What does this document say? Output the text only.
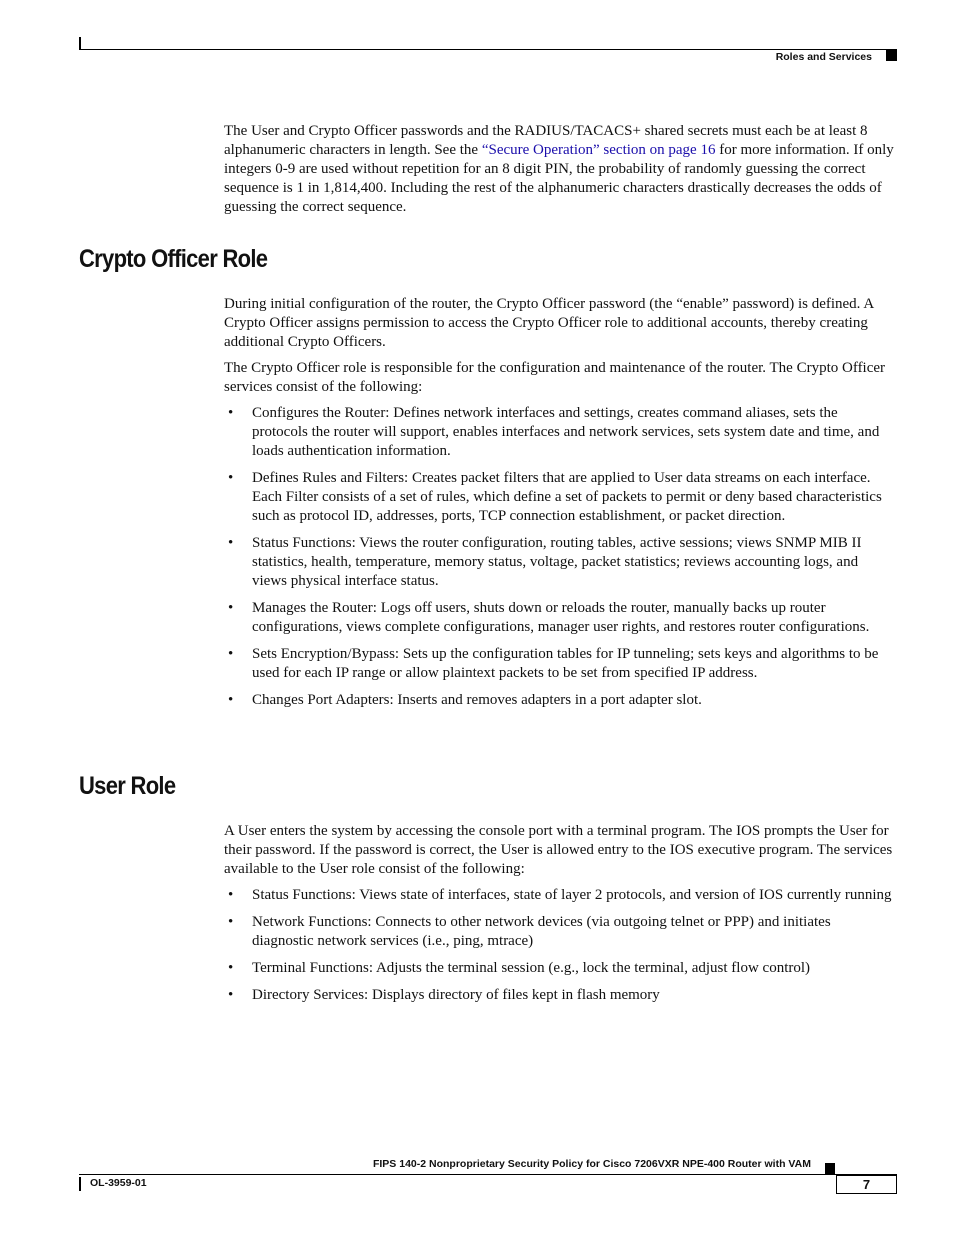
Roles and Services

The User and Crypto Officer passwords and the RADIUS/TACACS+ shared secrets must each be at least 8 alphanumeric characters in length. See the “Secure Operation” section on page 16 for more information. If only integers 0-9 are used without repetition for an 8 digit PIN, the probability of randomly guessing the correct sequence is 1 in 1,814,400. Including the rest of the alphanumeric characters drastically decreases the odds of guessing the correct sequence.

Crypto Officer Role

During initial configuration of the router, the Crypto Officer password (the “enable” password) is defined. A Crypto Officer assigns permission to access the Crypto Officer role to additional accounts, thereby creating additional Crypto Officers.

The Crypto Officer role is responsible for the configuration and maintenance of the router. The Crypto Officer services consist of the following:

• Configures the Router: Defines network interfaces and settings, creates command aliases, sets the protocols the router will support, enables interfaces and network services, sets system date and time, and loads authentication information.
• Defines Rules and Filters: Creates packet filters that are applied to User data streams on each interface. Each Filter consists of a set of rules, which define a set of packets to permit or deny based characteristics such as protocol ID, addresses, ports, TCP connection establishment, or packet direction.
• Status Functions: Views the router configuration, routing tables, active sessions; views SNMP MIB II statistics, health, temperature, memory status, voltage, packet statistics; reviews accounting logs, and views physical interface status.
• Manages the Router: Logs off users, shuts down or reloads the router, manually backs up router configurations, views complete configurations, manager user rights, and restores router configurations.
• Sets Encryption/Bypass: Sets up the configuration tables for IP tunneling; sets keys and algorithms to be used for each IP range or allow plaintext packets to be set from specified IP address.
• Changes Port Adapters: Inserts and removes adapters in a port adapter slot.
User Role

A User enters the system by accessing the console port with a terminal program. The IOS prompts the User for their password. If the password is correct, the User is allowed entry to the IOS executive program. The services available to the User role consist of the following:

• Status Functions: Views state of interfaces, state of layer 2 protocols, and version of IOS currently running
• Network Functions: Connects to other network devices (via outgoing telnet or PPP) and initiates diagnostic network services (i.e., ping, mtrace)
• Terminal Functions: Adjusts the terminal session (e.g., lock the terminal, adjust flow control)
• Directory Services: Displays directory of files kept in flash memory
FIPS 140-2 Nonproprietary Security Policy for Cisco 7206VXR NPE-400 Router with VAM
OL-3959-01	7
